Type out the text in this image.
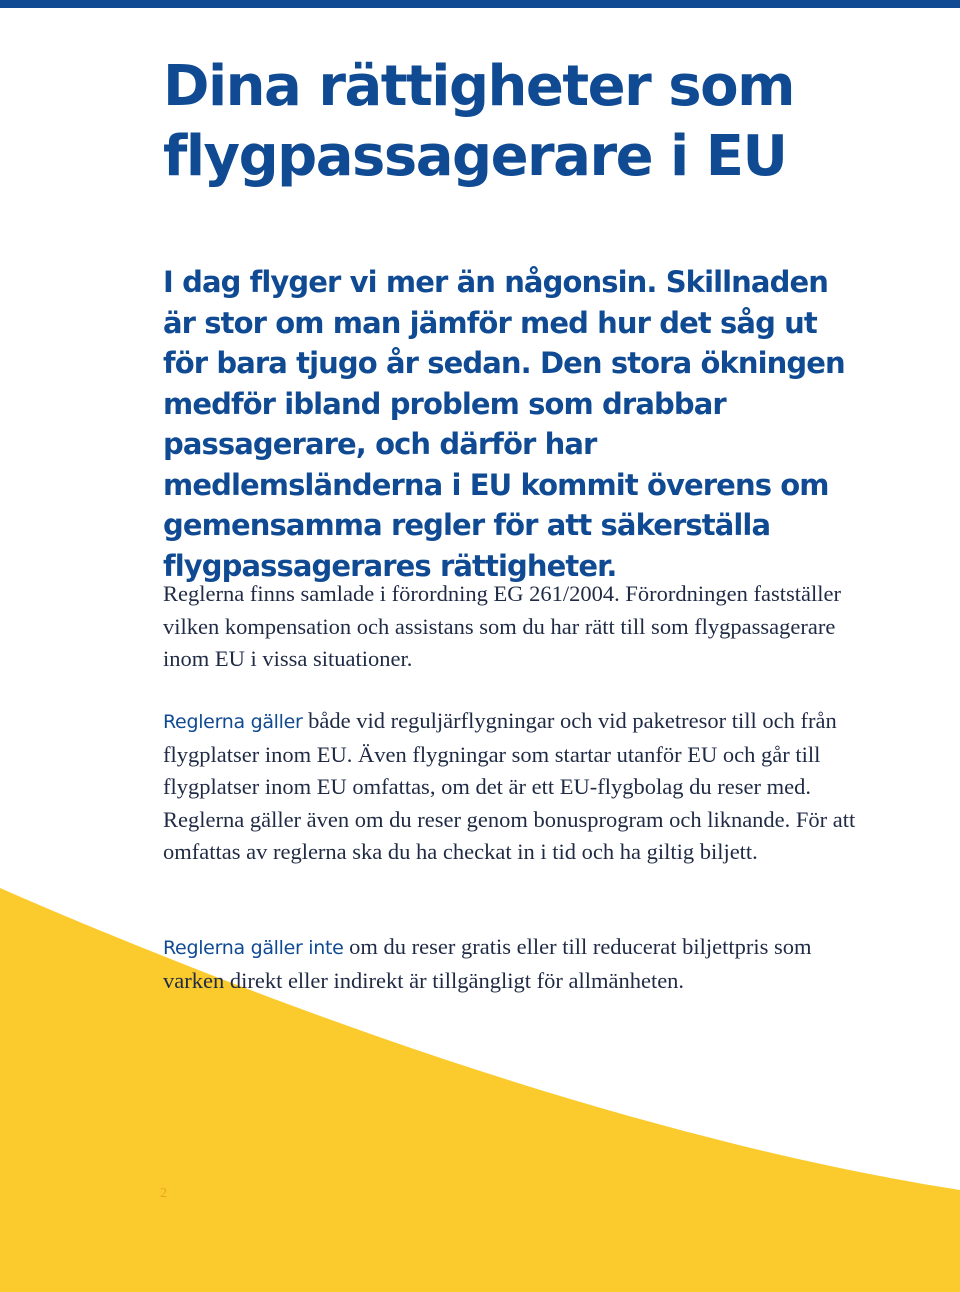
Dina rättigheter som flygpassagerare i EU

I dag flyger vi mer än någonsin. Skillnaden är stor om man jämför med hur det såg ut för bara tjugo år sedan. Den stora ökningen medför ibland problem som drabbar passagerare, och därför har medlemsländerna i EU kommit överens om gemensamma regler för att säkerställa flygpassagerares rättigheter.

Reglerna finns samlade i förordning EG 261/2004. Förordningen fastställer vilken kompensation och assistans som du har rätt till som flygpassagerare inom EU i vissa situationer.

Reglerna gäller både vid reguljärflygningar och vid paketresor till och från flygplatser inom EU. Även flygningar som startar utanför EU och går till flygplatser inom EU omfattas, om det är ett EU-flygbolag du reser med. Reglerna gäller även om du reser genom bonusprogram och liknande. För att omfattas av reglerna ska du ha checkat in i tid och ha giltig biljett.

Reglerna gäller inte om du reser gratis eller till reducerat biljettpris som varken direkt eller indirekt är tillgängligt för allmänheten.

2
